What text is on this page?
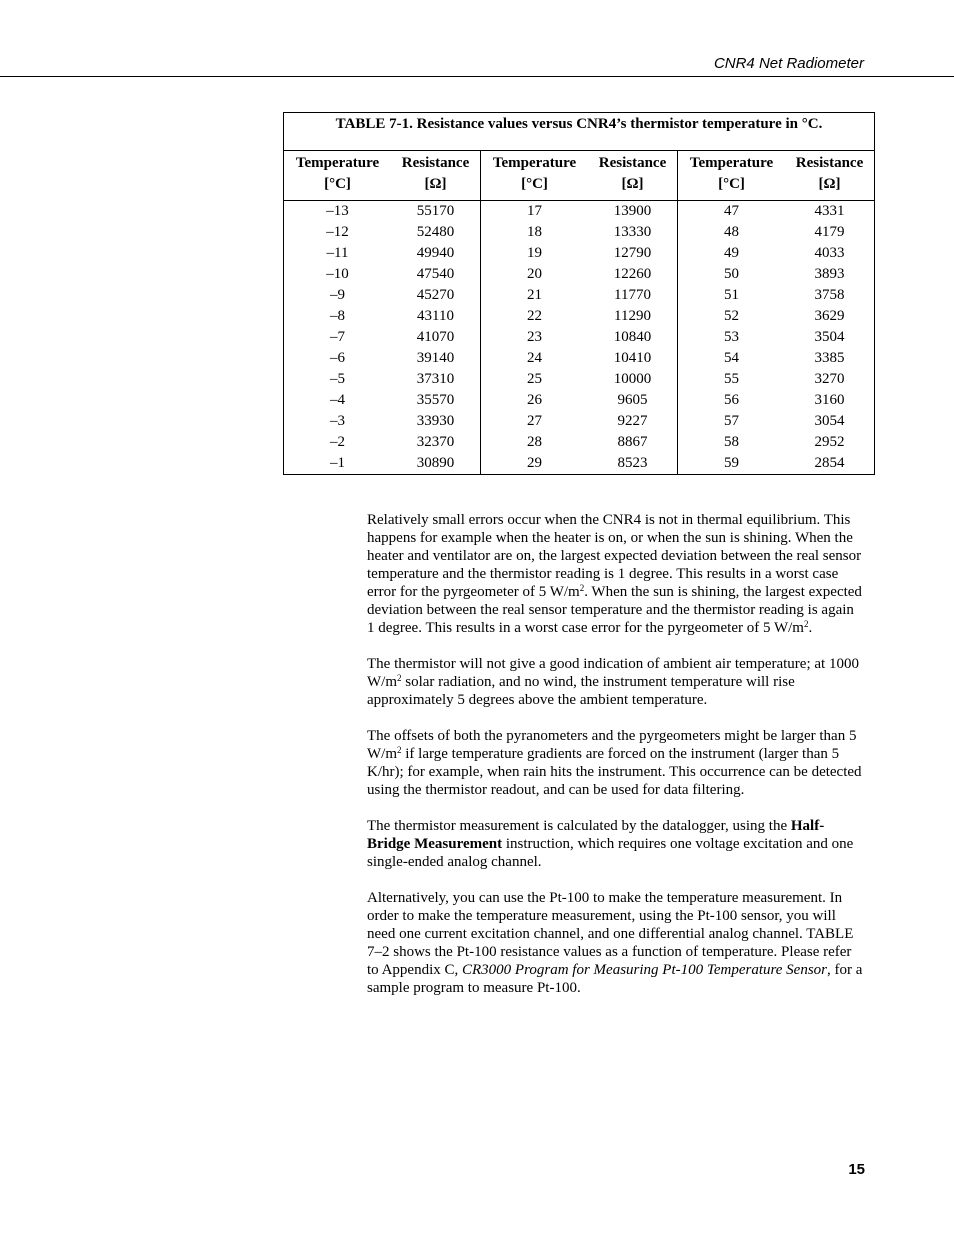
CNR4 Net Radiometer
TABLE 7-1. Resistance values versus CNR4’s thermistor temperature in °C.
Temperature
[°C]
–13
–12
–11
–10
–9
–8
–7
–6
–5
–4
–3
–2
–1
Resistance
[Ω]
55170
52480
49940
47540
45270
43110
41070
39140
37310
35570
33930
32370
30890
Temperature
[°C]
17
18
19
20
21
22
23
24
25
26
27
28
29
Resistance
[Ω]
13900
13330
12790
12260
11770
11290
10840
10410
10000
9605
9227
8867
8523
Temperature
[°C]
47
48
49
50
51
52
53
54
55
56
57
58
59
Resistance
[Ω]
4331
4179
4033
3893
3758
3629
3504
3385
3270
3160
3054
2952
2854

Relatively small errors occur when the CNR4 is not in thermal equilibrium. This happens for example when the heater is on, or when the sun is shining. When the heater and ventilator are on, the largest expected deviation between the real sensor temperature and the thermistor reading is 1 degree. This results in a worst case error for the pyrgeometer of 5 $W/m^2$. When the sun is shining, the largest expected deviation between the real sensor temperature and the thermistor reading is again 1 degree. This results in a worst case error for the pyrgeometer of 5 $W/m^2$.

The thermistor will not give a good indication of ambient air temperature; at 1000 $W/m^2$ solar radiation, and no wind, the instrument temperature will rise approximately 5 degrees above the ambient temperature.

The offsets of both the pyranometers and the pyrgeometers might be larger than 5 $W/m^2$ if large temperature gradients are forced on the instrument (larger than 5 K/hr); for example, when rain hits the instrument. This occurrence can be detected using the thermistor readout, and can be used for data filtering.

The thermistor measurement is calculated by the datalogger, using the Half-Bridge Measurement instruction, which requires one voltage excitation and one single-ended analog channel.

Alternatively, you can use the Pt-100 to make the temperature measurement. In order to make the temperature measurement, using the Pt-100 sensor, you will need one current excitation channel, and one differential analog channel. TABLE 7–2 shows the Pt-100 resistance values as a function of temperature. Please refer to Appendix C, CR3000 Program for Measuring Pt-100 Temperature Sensor, for a sample program to measure Pt-100.

15
